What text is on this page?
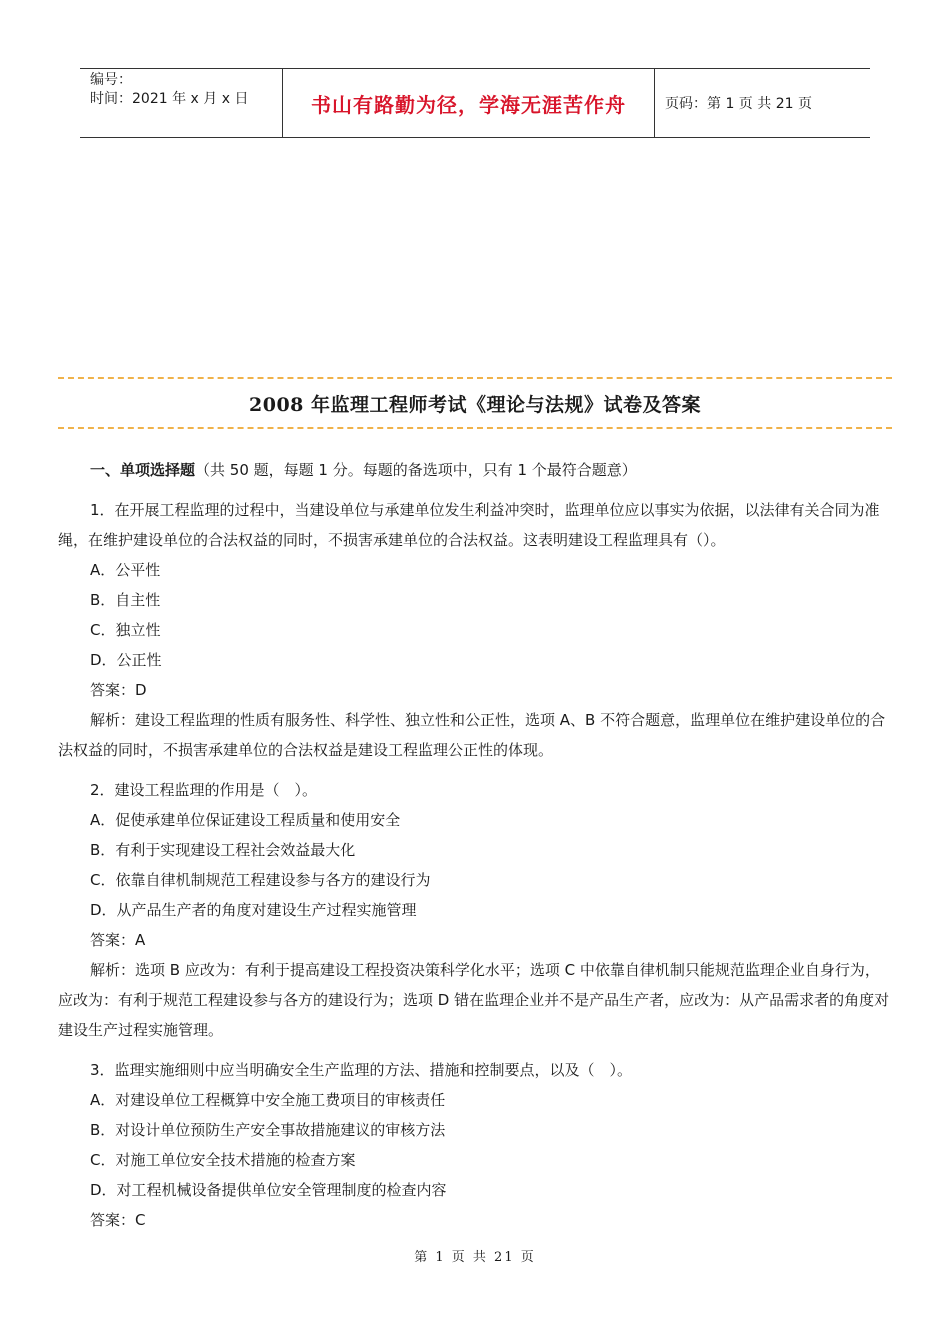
编号：
时间：2021 年 x 月 x 日	书山有路勤为径，学海无涯苦作舟	页码：第 1 页 共 21 页
2008 年监理工程师考试《理论与法规》试卷及答案

一、单项选择题（共 50 题，每题 1 分。每题的备选项中，只有 1 个最符合题意）

1．在开展工程监理的过程中，当建设单位与承建单位发生利益冲突时，监理单位应以事实为依据，以法律有关合同为准绳，在维护建设单位的合法权益的同时，不损害承建单位的合法权益。这表明建设工程监理具有（）。

A．公平性

B．自主性

C．独立性

D．公正性

答案：D

解析：建设工程监理的性质有服务性、科学性、独立性和公正性，选项 A、B 不符合题意，监理单位在维护建设单位的合法权益的同时，不损害承建单位的合法权益是建设工程监理公正性的体现。

2．建设工程监理的作用是（　）。

A．促使承建单位保证建设工程质量和使用安全

B．有利于实现建设工程社会效益最大化

C．依靠自律机制规范工程建设参与各方的建设行为

D．从产品生产者的角度对建设生产过程实施管理

答案：A

解析：选项 B 应改为：有利于提高建设工程投资决策科学化水平；选项 C 中依靠自律机制只能规范监理企业自身行为，应改为：有利于规范工程建设参与各方的建设行为；选项 D 错在监理企业并不是产品生产者，应改为：从产品需求者的角度对建设生产过程实施管理。

3．监理实施细则中应当明确安全生产监理的方法、措施和控制要点，以及（　）。

A．对建设单位工程概算中安全施工费项目的审核责任

B．对设计单位预防生产安全事故措施建议的审核方法

C．对施工单位安全技术措施的检查方案

D．对工程机械设备提供单位安全管理制度的检查内容

答案：C

第 1 页 共 21 页
